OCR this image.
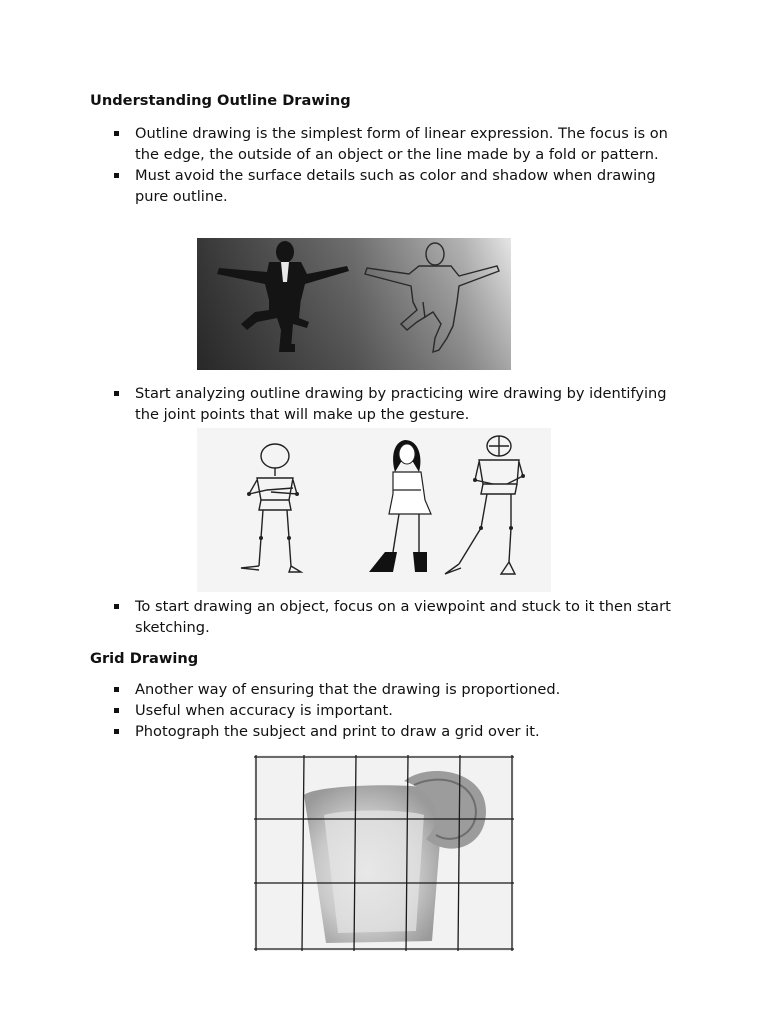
Understanding Outline Drawing
Outline drawing is the simplest form of linear expression. The focus is on the edge, the outside of an object or the line made by a fold or pattern.
Must avoid the surface details such as color and shadow when drawing pure outline.
Start analyzing outline drawing by practicing wire drawing by identifying the joint points that will make up the gesture.
To start drawing an object, focus on a viewpoint and stuck to it then start sketching.
Grid Drawing
Another way of ensuring that the drawing is proportioned.
Useful when accuracy is important.
Photograph the subject and print to draw a grid over it.
